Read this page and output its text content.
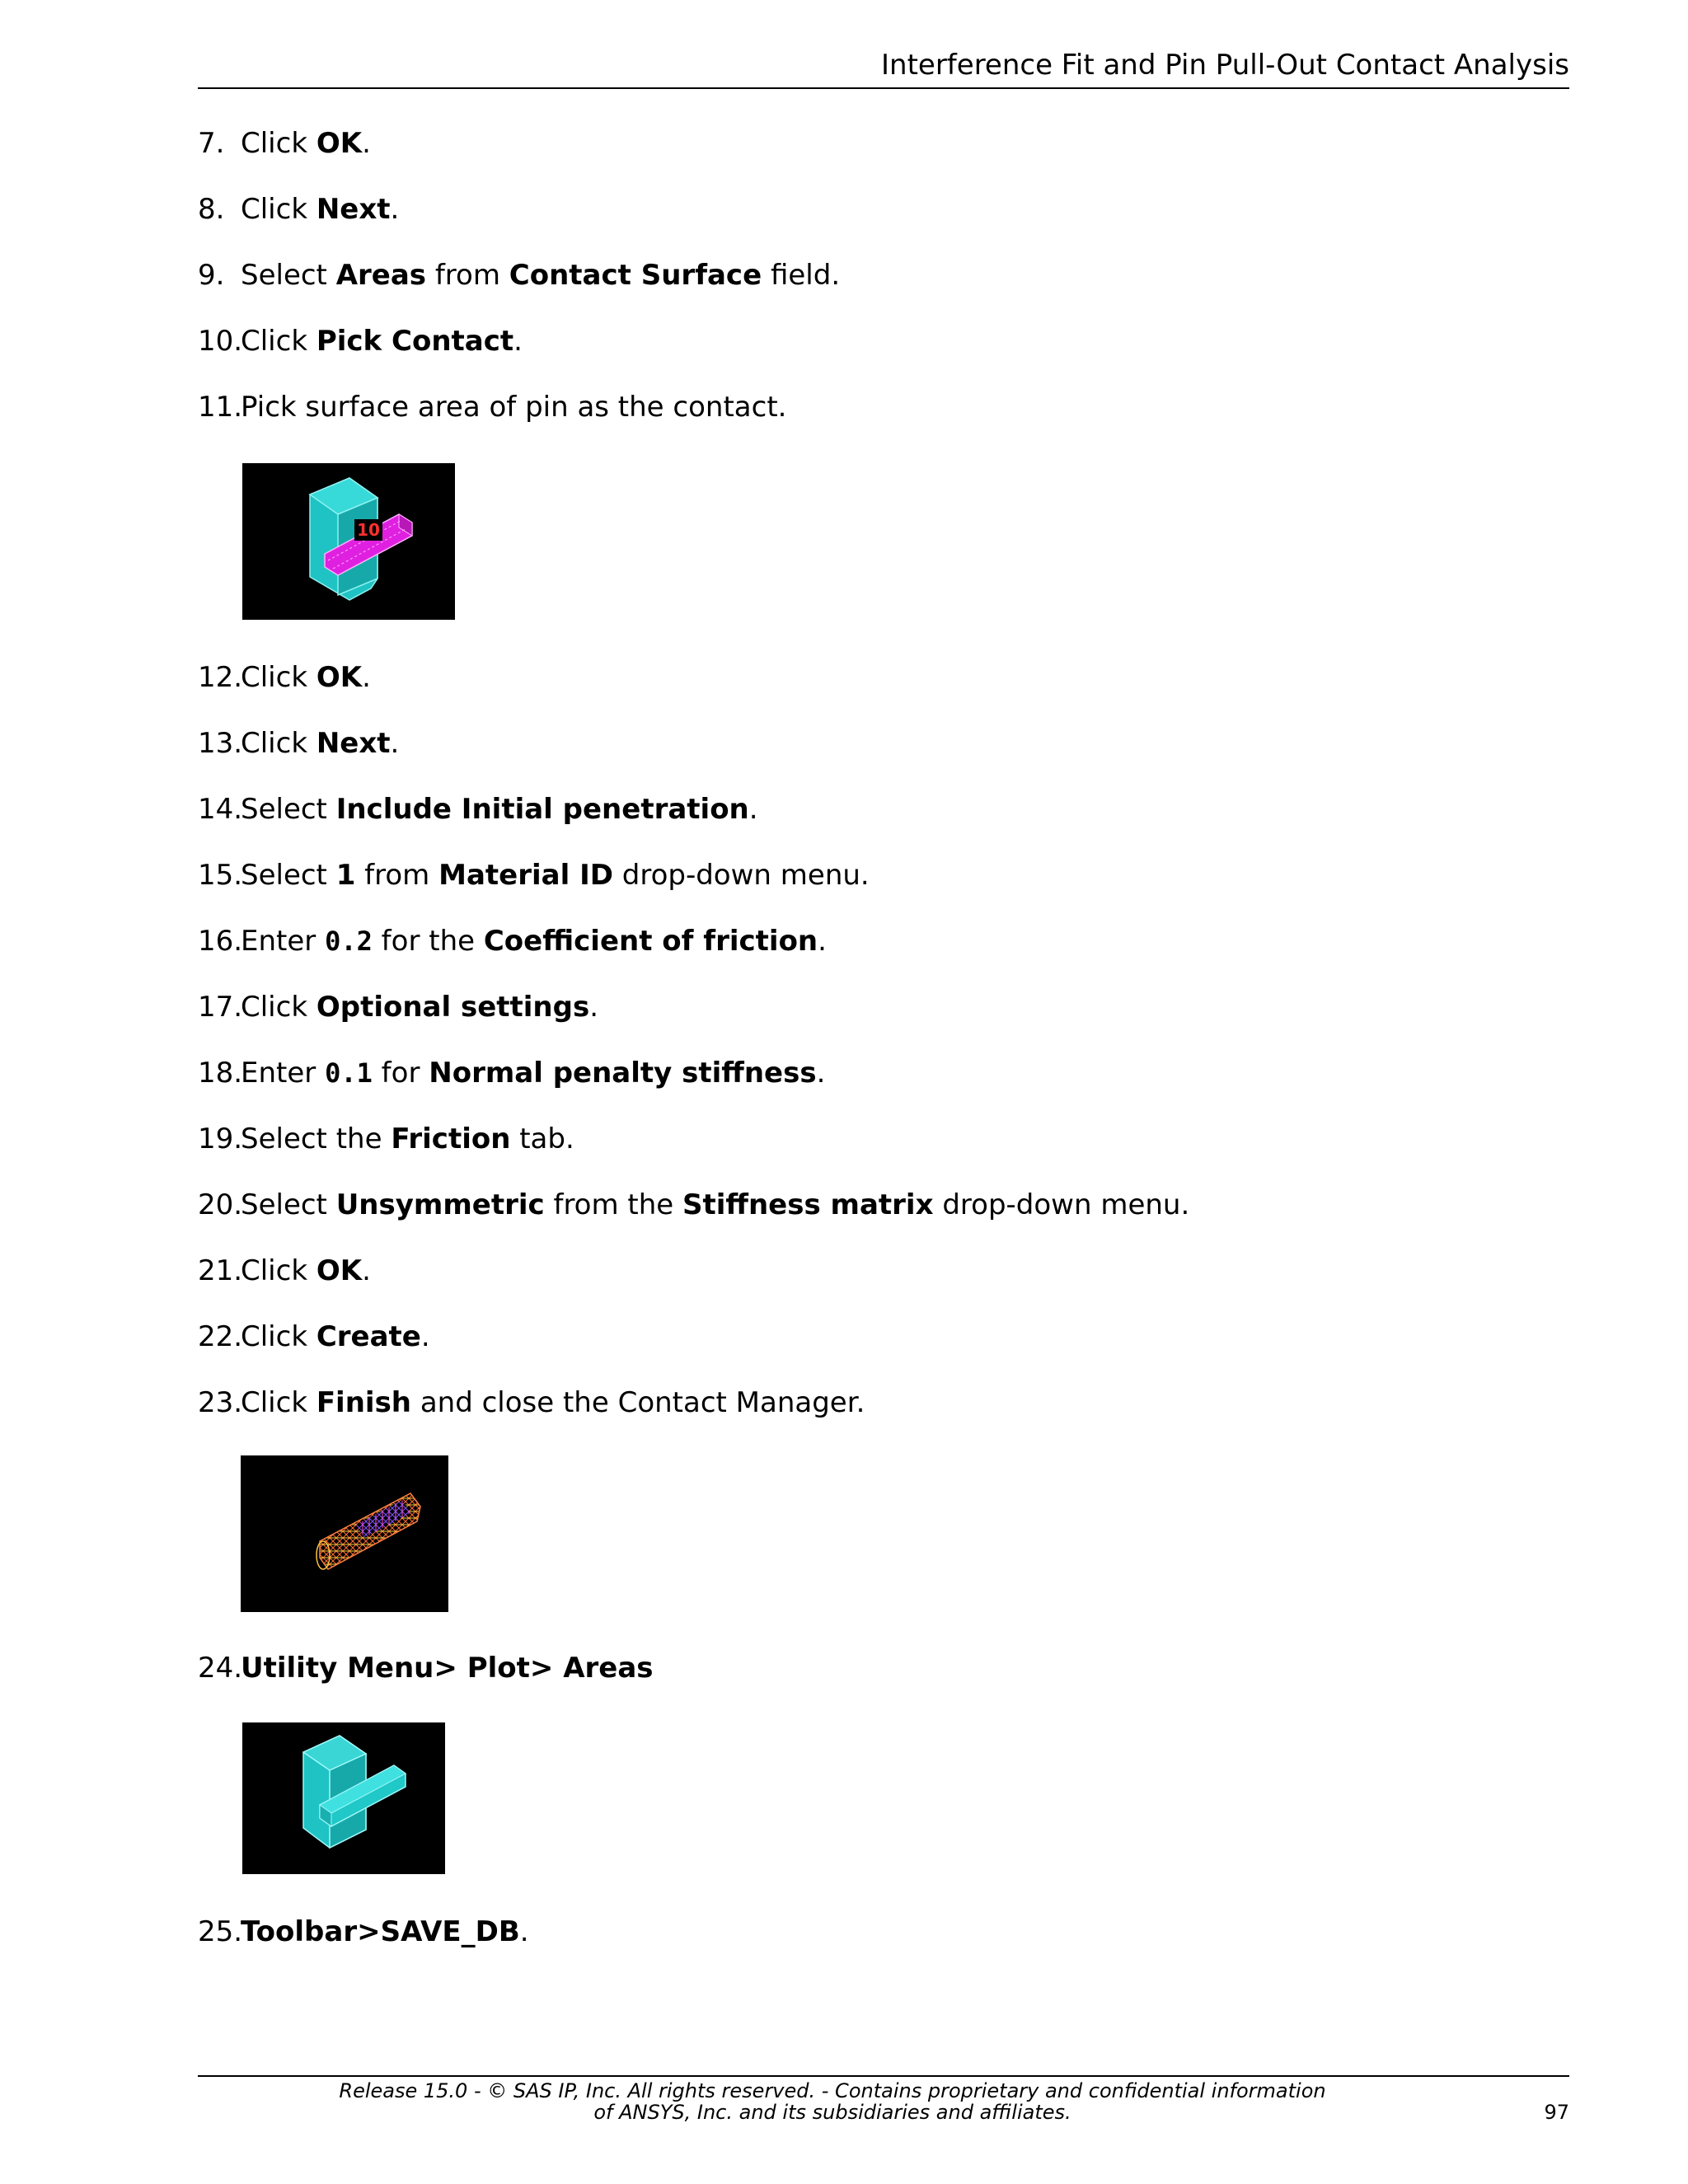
Interference Fit and Pin Pull-Out Contact Analysis
7. Click OK.
8. Click Next.
9. Select Areas from Contact Surface field.
10.Click Pick Contact.
11.Pick surface area of pin as the contact.
10
12.Click OK.
13.Click Next.
14.Select Include Initial penetration.
15.Select 1 from Material ID drop-down menu.
16.Enter 0.2 for the Coefficient of friction.
17.Click Optional settings.
18.Enter 0.1 for Normal penalty stiffness.
19.Select the Friction tab.
20.Select Unsymmetric from the Stiffness matrix drop-down menu.
21.Click OK.
22.Click Create.
23.Click Finish and close the Contact Manager.
24.Utility Menu> Plot> Areas
25.Toolbar>SAVE_DB.
Release 15.0 - © SAS IP, Inc. All rights reserved. - Contains proprietary and confidential information
of ANSYS, Inc. and its subsidiaries and affiliates.	97
